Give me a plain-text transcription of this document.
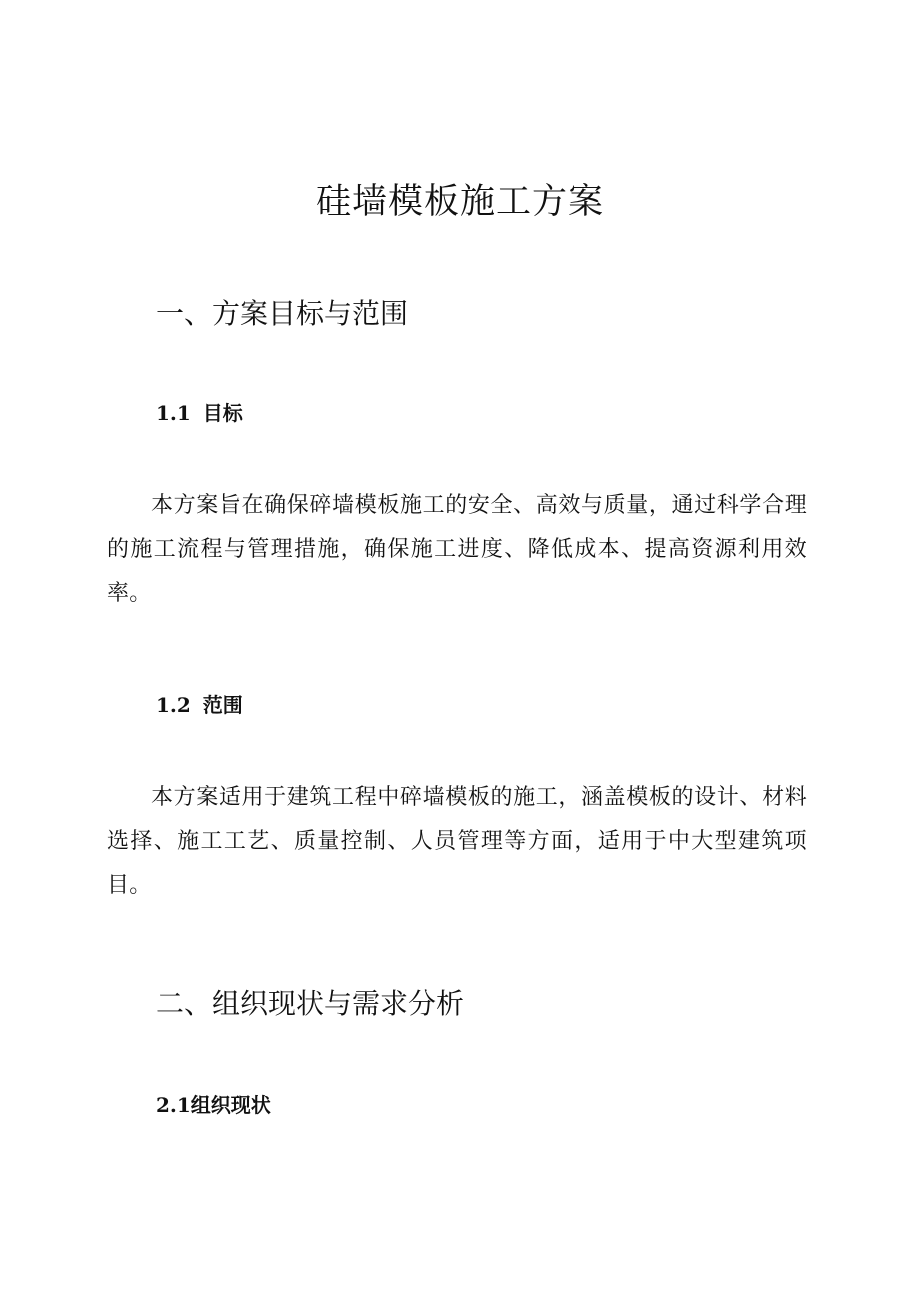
硅墙模板施工方案
一、方案目标与范围
1.1 目标

本方案旨在确保碎墙模板施工的安全、高效与质量，通过科学合理的施工流程与管理措施，确保施工进度、降低成本、提高资源利用效率。

1.2 范围

本方案适用于建筑工程中碎墙模板的施工，涵盖模板的设计、材料选择、施工工艺、质量控制、人员管理等方面，适用于中大型建筑项目。

二、组织现状与需求分析
2.1组织现状
